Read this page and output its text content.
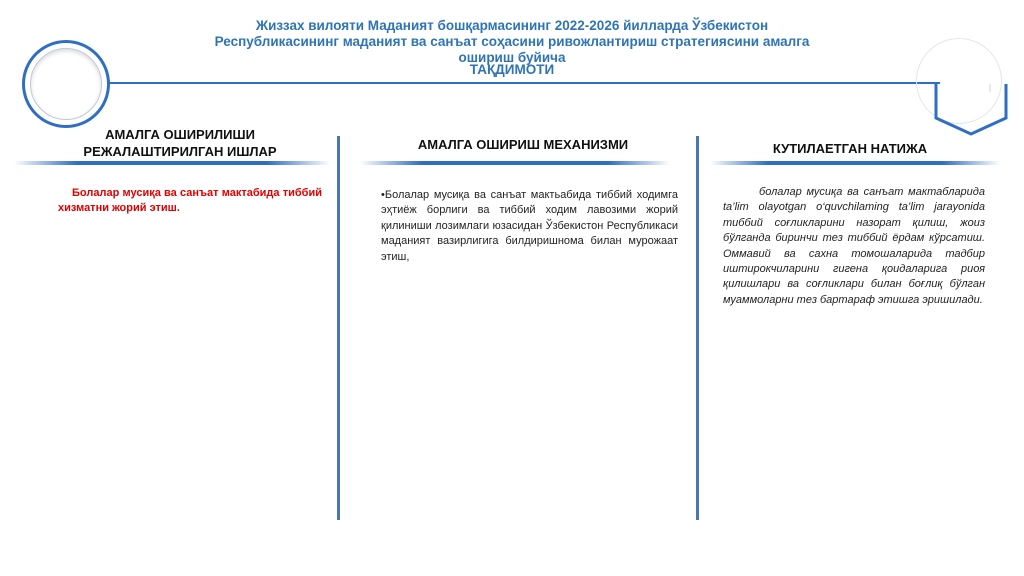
Жиззах вилояти Маданият бошқармасининг 2022-2026 йилларда Ўзбекистон
Республикасининг маданият ва санъат соҳасини ривожлантириш стратегиясини амалга
ошириш буйича
ТАҚДИМОТИ
АМАЛГА ОШИРИЛИШИ РЕЖАЛАШТИРИЛГАН ИШЛАР
Болалар мусиқа ва санъат мактабида тиббий хизматни жорий этиш.
АМАЛГА ОШИРИШ МЕХАНИЗМИ
•Болалар мусиқа ва санъат мактьабида тиббий ходимга эҳтиёж борлиги ва тиббий ходим лавозими жорий қилиниши лозимлаги юзасидан Ўзбекистон Республикаси маданият вазирлигига билдиришнома билан мурожаат этиш,
КУТИЛАЕТГАН НАТИЖА
болалар мусиқа ва санъат мактабларида ta’lim olayotgan o‘quvchilaming ta’lim jarayonida тиббий соғликларини назорат қилиш, жоиз бўлганда биринчи тез тиббий ёрдам кўрсатиш. Оммавий ва сахна томошаларида тадбир иштирокчиларини гигена қоидаларига риоя қилишлари ва соғликлари билан боғлиқ бўлган муаммоларни тез бартараф этишга эришилади.
